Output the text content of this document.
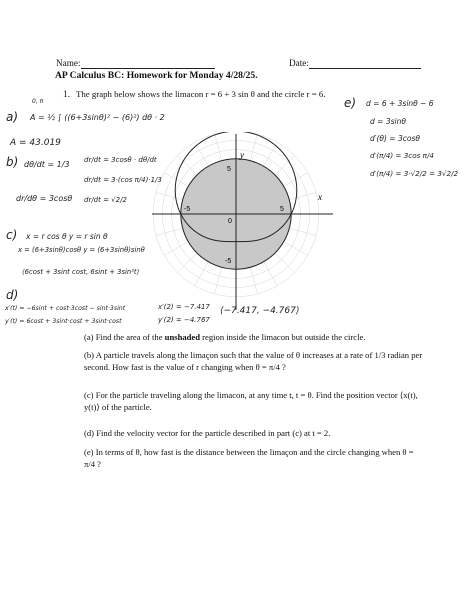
Name:	Date:
AP Calculus BC: Homework for Monday 4/28/25.
1. The graph below shows the limacon r = 6 + 3 sin θ and the circle r = 6.
x
y
-5	5
5
-5
0
a) A = ½ ∫ ((6+3sinθ)² − (6)²) dθ · 2
0, π
A = 43.019
b) dθ/dt = 1/3 dr/dt = 3cosθ · dθ/dt
dr/dt = 3·(cos π/4)·1/3
dr/dθ = 3cosθ dr/dt = √2/2
c) x = r cos θ y = r sin θ
x = (6+3sinθ)cosθ y = (6+3sinθ)sinθ
⟨6cost + 3sint cost, 6sint + 3sin²t⟩
d)
x′(t) = −6sint + cost·3cost − sint·3sint
y′(t) = 6cost + 3sint·cost + 3sint·cost
x′(2) = −7.417
y′(2) = −4.767
⟨−7.417, −4.767⟩
e) d = 6 + 3sinθ − 6
d = 3sinθ
d′(θ) = 3cosθ
d′(π/4) = 3cos π/4
d′(π/4) = 3·√2/2 = 3√2/2
(a) Find the area of the unshaded region inside the limacon but outside the circle.
(b) A particle travels along the limaçon such that the value of θ increases at a rate of 1/3 radian per second. How fast is the value of r changing when θ = π/4 ?
(c) For the particle traveling along the limacon, at any time t, t = θ. Find the position vector ⟨x(t), y(t)⟩ of the particle.
(d) Find the velocity vector for the particle described in part (c) at t = 2.
(e) In terms of θ, how fast is the distance between the limaçon and the circle changing when θ = π/4 ?
